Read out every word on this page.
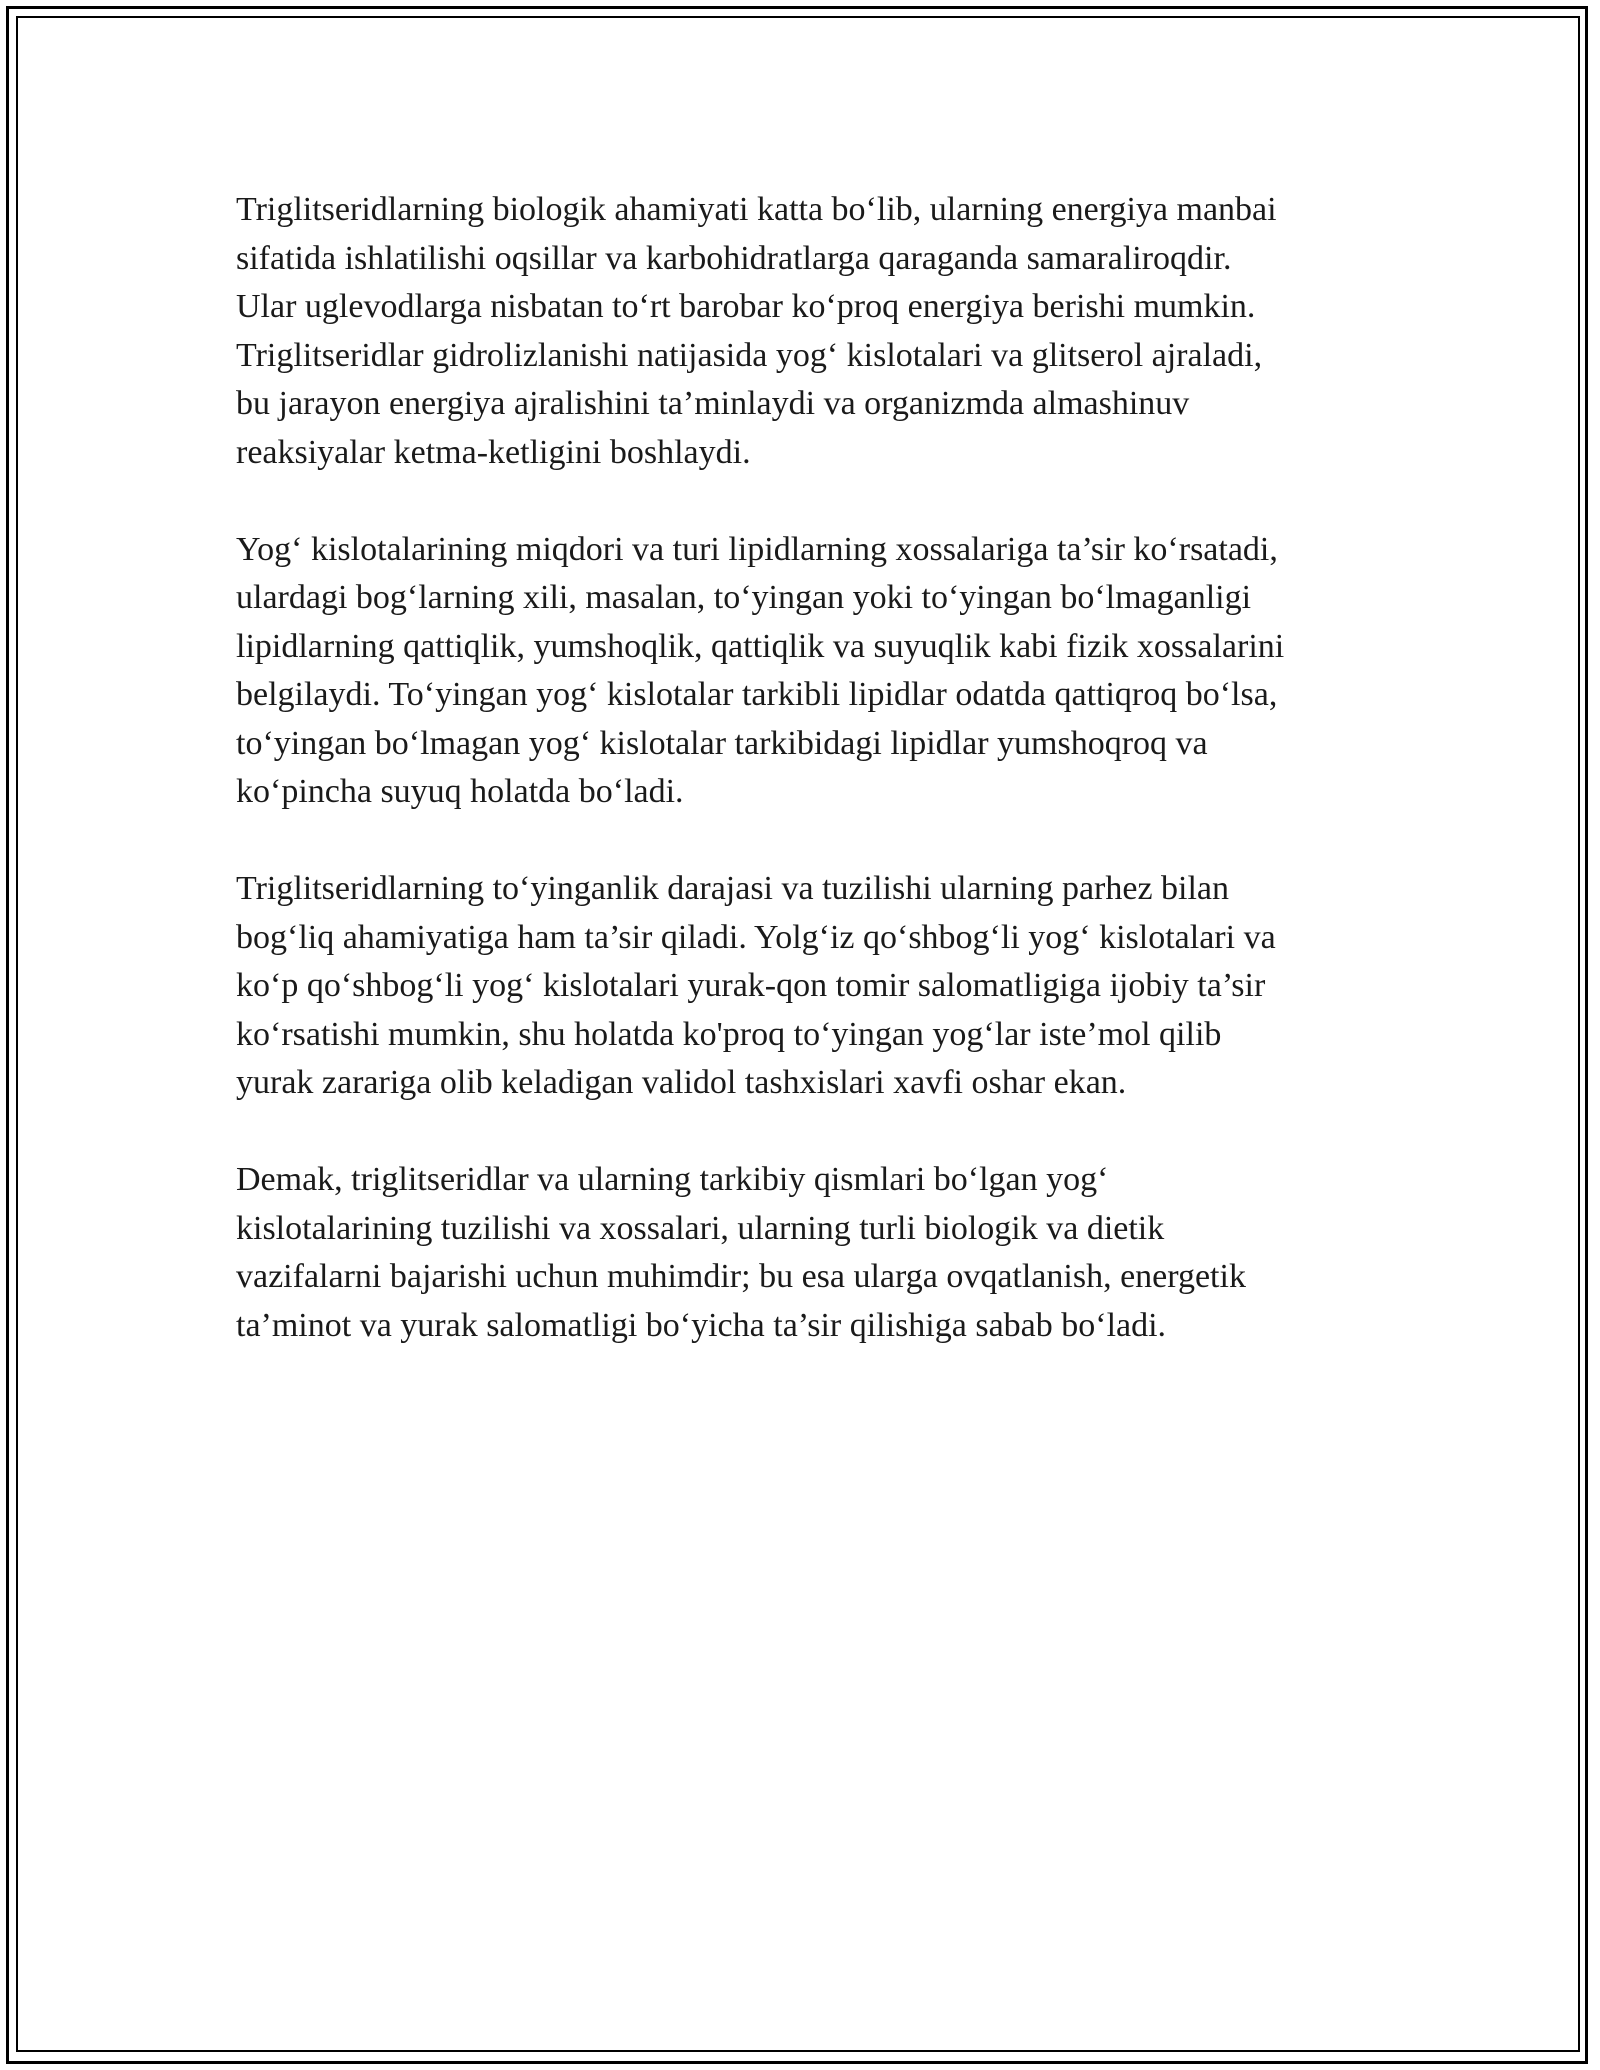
Triglitseridlarning biologik ahamiyati katta bo‘lib, ularning energiya manbai
sifatida ishlatilishi oqsillar va karbohidratlarga qaraganda samaraliroqdir.
Ular uglevodlarga nisbatan to‘rt barobar ko‘proq energiya berishi mumkin.
Triglitseridlar gidrolizlanishi natijasida yog‘ kislotalari va glitserol ajraladi,
bu jarayon energiya ajralishini ta’minlaydi va organizmda almashinuv
reaksiyalar ketma-ketligini boshlaydi.

Yog‘ kislotalarining miqdori va turi lipidlarning xossalariga ta’sir ko‘rsatadi,
ulardagi bog‘larning xili, masalan, to‘yingan yoki to‘yingan bo‘lmaganligi
lipidlarning qattiqlik, yumshoqlik, qattiqlik va suyuqlik kabi fizik xossalarini
belgilaydi. To‘yingan yog‘ kislotalar tarkibli lipidlar odatda qattiqroq bo‘lsa,
to‘yingan bo‘lmagan yog‘ kislotalar tarkibidagi lipidlar yumshoqroq va
ko‘pincha suyuq holatda bo‘ladi.

Triglitseridlarning to‘yinganlik darajasi va tuzilishi ularning parhez bilan
bog‘liq ahamiyatiga ham ta’sir qiladi. Yolg‘iz qo‘shbog‘li yog‘ kislotalari va
ko‘p qo‘shbog‘li yog‘ kislotalari yurak-qon tomir salomatligiga ijobiy ta’sir
ko‘rsatishi mumkin, shu holatda ko'proq to‘yingan yog‘lar iste’mol qilib
yurak zarariga olib keladigan validol tashxislari xavfi oshar ekan.

Demak, triglitseridlar va ularning tarkibiy qismlari bo‘lgan yog‘
kislotalarining tuzilishi va xossalari, ularning turli biologik va dietik
vazifalarni bajarishi uchun muhimdir; bu esa ularga ovqatlanish, energetik
ta’minot va yurak salomatligi bo‘yicha ta’sir qilishiga sabab bo‘ladi.
